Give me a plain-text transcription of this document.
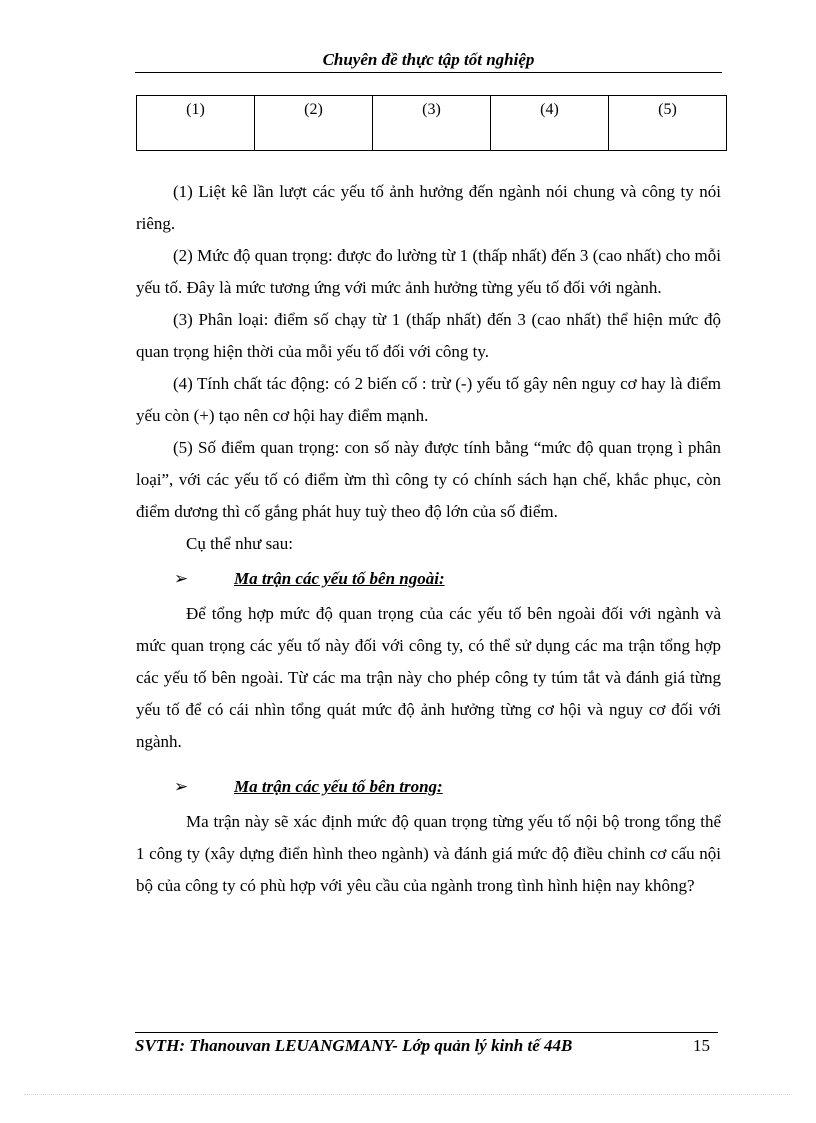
Chuyên đề thực tập tốt nghiệp
(1)	(2)	(3)	(4)	(5)

(1) Liệt kê lần lượt các yếu tố ảnh hưởng đến ngành nói chung và công ty nói riêng.

(2) Mức độ quan trọng: được đo lường từ 1 (thấp nhất) đến 3 (cao nhất) cho mỗi yếu tố. Đây là mức tương ứng với mức ảnh hưởng từng yếu tố đối với ngành.

(3) Phân loại: điểm số chạy từ 1 (thấp nhất) đến 3 (cao nhất) thể hiện mức độ quan trọng hiện thời của mỗi yếu tố đối với công ty.

(4) Tính chất tác động: có 2 biến cố : trừ (-) yếu tố gây nên nguy cơ hay là điểm yếu còn (+) tạo nên cơ hội hay điểm mạnh.

(5) Số điểm quan trọng: con số này được tính bằng “mức độ quan trọng ì phân loại”, với các yếu tố có điểm ừm thì công ty có chính sách hạn chế, khắc phục, còn điểm dương thì cố gắng phát huy tuỳ theo độ lớn của số điểm.

Cụ thể như sau:

➢	Ma trận các yếu tố bên ngoài:

Để tổng hợp mức độ quan trọng của các yếu tố bên ngoài đối với ngành và mức quan trọng các yếu tố này đối với công ty, có thể sử dụng các ma trận tổng hợp các yếu tố bên ngoài. Từ các ma trận này cho phép công ty túm tắt và đánh giá từng yếu tố để có cái nhìn tổng quát mức độ ảnh hưởng từng cơ hội và nguy cơ đối với ngành.

➢	Ma trận các yếu tố bên trong:

Ma trận này sẽ xác định mức độ quan trọng từng yếu tố nội bộ trong tổng thể 1 công ty (xây dựng điển hình theo ngành) và đánh giá mức độ điều chỉnh cơ cấu nội bộ của công ty có phù hợp với yêu cầu của ngành trong tình hình hiện nay không?

SVTH: Thanouvan LEUANGMANY- Lớp quản lý kinh tế 44B	15
